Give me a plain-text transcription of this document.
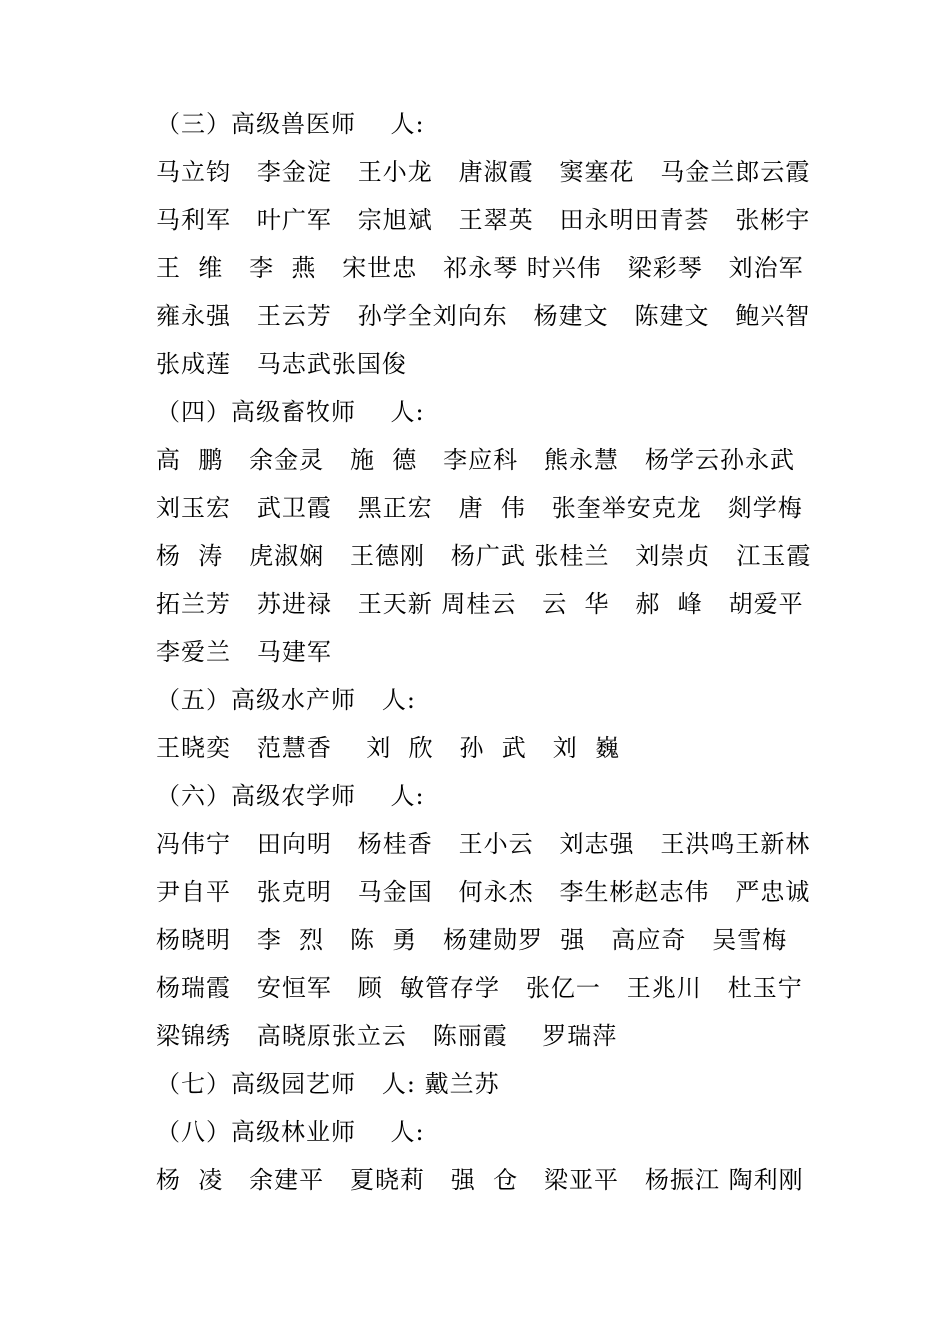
（三）高级兽医师    人:
马立钧   李金淀   王小龙   唐淑霞   窦塞花   马金兰郎云霞
马利军   叶广军   宗旭斌   王翠英   田永明田青荟   张彬宇
王  维   李  燕   宋世忠   祁永琴 时兴伟   梁彩琴   刘治军
雍永强   王云芳   孙学全刘向东   杨建文   陈建文   鲍兴智
张成莲   马志武张国俊
（四）高级畜牧师    人:
高  鹏   余金灵   施  德   李应科   熊永慧   杨学云孙永武
刘玉宏   武卫霞   黑正宏   唐  伟   张奎举安克龙   剡学梅
杨  涛   虎淑娴   王德刚   杨广武 张桂兰   刘崇贞   江玉霞
拓兰芳   苏进禄   王天新 周桂云   云  华   郝  峰   胡爱平
李爱兰   马建军
（五）高级水产师   人:
王晓奕   范慧香    刘  欣   孙  武   刘  巍
（六）高级农学师    人:
冯伟宁   田向明   杨桂香   王小云   刘志强   王洪鸣王新林
尹自平   张克明   马金国   何永杰   李生彬赵志伟   严忠诚
杨晓明   李  烈   陈  勇   杨建勋罗  强   高应奇   吴雪梅
杨瑞霞   安恒军   顾  敏管存学   张亿一   王兆川   杜玉宁
梁锦绣   高晓原张立云   陈丽霞    罗瑞萍
（七）高级园艺师   人: 戴兰苏
（八）高级林业师    人:
杨  凌   余建平   夏晓莉   强  仓   梁亚平   杨振江 陶利刚
